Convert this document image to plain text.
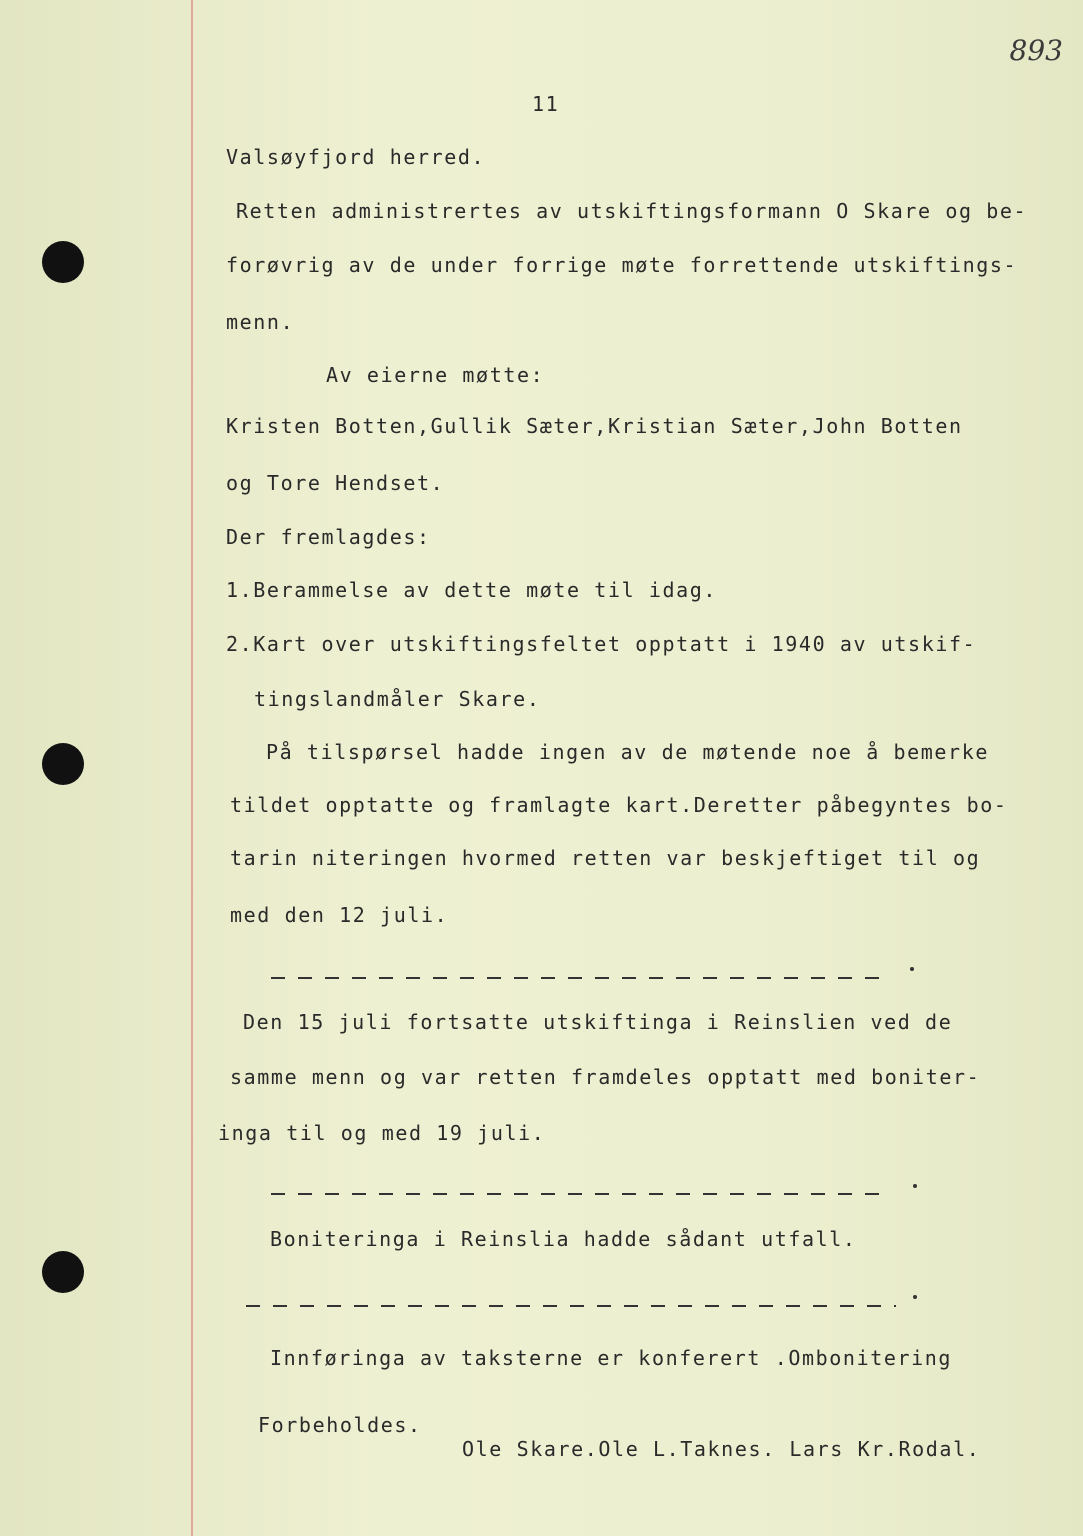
893
11
Valsøyfjord herred.
Retten administrertes av utskiftingsformann O Skare og be-
forøvrig av de under forrige møte forrettende utskiftings-
menn.
Av eierne møtte:
Kristen Botten,Gullik Sæter,Kristian Sæter,John Botten
og Tore Hendset.
Der fremlagdes:
1.Berammelse av dette møte til idag.
2.Kart over utskiftingsfeltet opptatt i 1940 av utskif-
tingslandmåler Skare.
På tilspørsel hadde ingen av de møtende noe å bemerke
tildet opptatte og framlagte kart.Deretter påbegyntes bo-
tarin niteringen hvormed retten var beskjeftiget til og
med den 12 juli.
Den 15 juli fortsatte utskiftinga i Reinslien ved de
samme menn og var retten framdeles opptatt med boniter-
inga til og med 19 juli.
Boniteringa i Reinslia hadde sådant utfall.
Innføringa av taksterne er konferert .Ombonitering
Forbeholdes.
Ole Skare.Ole L.Taknes. Lars Kr.Rodal.
